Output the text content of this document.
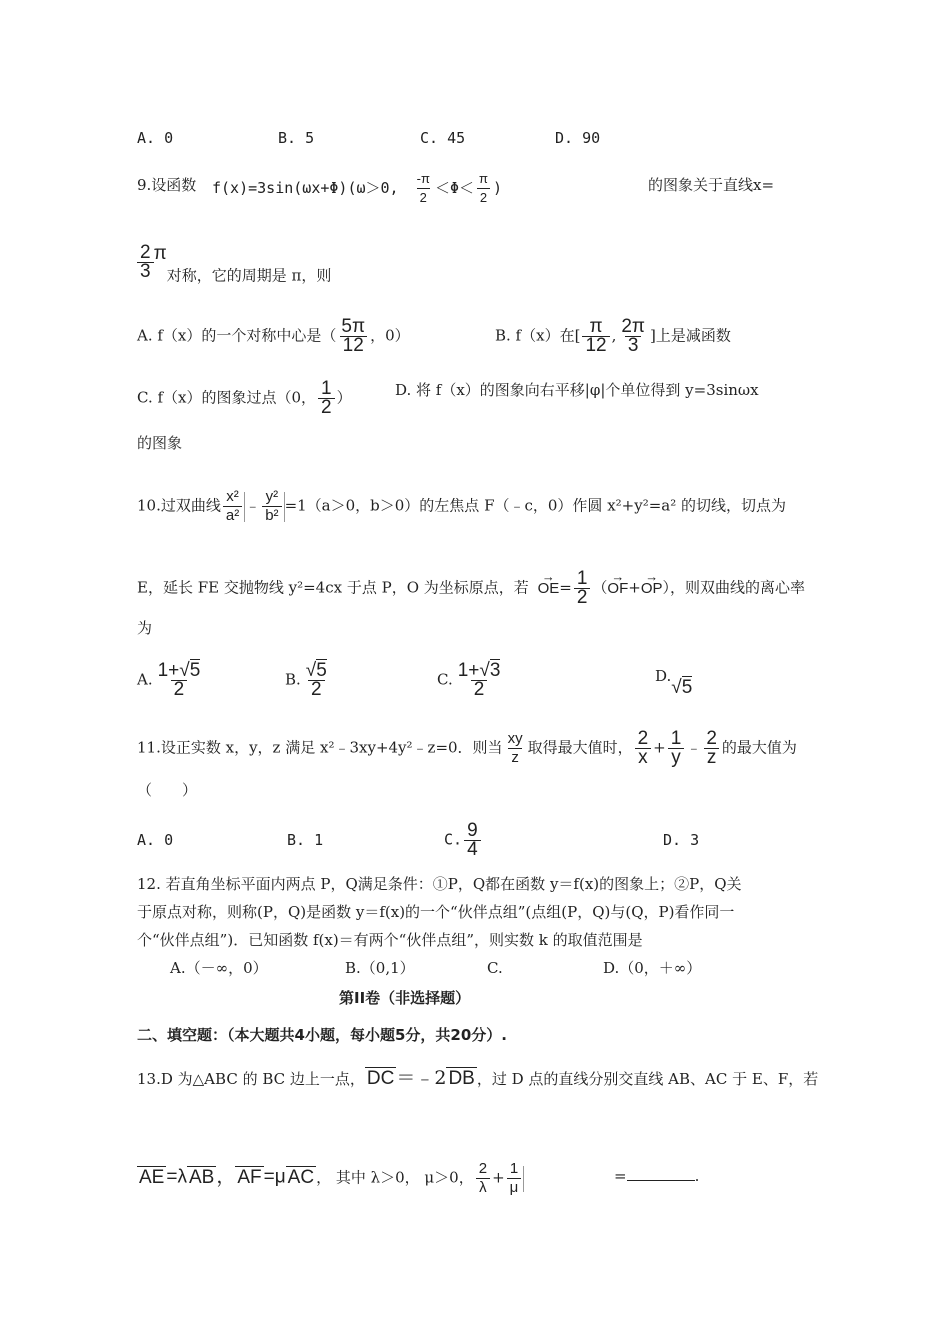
A. 0	B. 5	C. 45	D. 90
9.设函数 f(x)=3sin(ωx+Φ)(ω＞0, $\frac{-\pi}{2} <\Phi< \frac{\pi}{2}$ )	的图象关于直线x=
$\frac{2}{3}$ π对称，它的周期是 π，则
A. f（x）的一个对称中心是（ $\frac{5\pi}{12}$ ，0）	B. f（x）在[ $\frac{\pi}{12}$ , $\frac{2\pi}{3}$ ]上是减函数
C. f（x）的图象过点（0， $\frac{1}{2}$ ）	D. 将 f（x）的图象向右平移|φ|个单位得到 y=3sinωx
的图象
10.过双曲线 $\frac{\text{x²}}{\text{a²}}$ ﹣ $\frac{\text{y²}}{\text{b²}} =1(a>0$，b＞0）的左焦点 F（﹣c，0）作圆 x²+y²=a² 的切线，切点为
E，延长 FE 交抛物线 y²=4cx 于点 P，O 为坐标原点，若 → $OE= \frac{1}{2}$ （→ OF+→ OP），则双曲线的离心率
为
A. $\frac{1+√5}{2}$	B. $\frac{√5}{2}$	C. $\frac{1+√3}{2}$	D.√5
11.设正实数 x，y，z 满足 x²﹣3xy+4y²﹣z=0．则当 $\frac{xy}{z}$ 取得最大值时， $\frac{2}{x} + \frac{1}{y}$ ﹣ $\frac{2}{z}$ 的最大值为
（　　）
A. 0	B. 1	C. $\frac{9}{4}$	D. 3
12. 若直角坐标平面内两点 P，Q满足条件：①P，Q都在函数 y＝f(x)的图象上；②P，Q关
于原点对称，则称(P，Q)是函数 y＝f(x)的一个“伙伴点组”(点组(P，Q)与(Q，P)看作同一
个“伙伴点组”)．已知函数 f(x)＝有两个“伙伴点组”，则实数 k 的取值范围是
A.（－∞，0）	B.（0,1）	C.	D.（0，＋∞）
第II卷（非选择题）
二、填空题：（本大题共4小题，每小题5分，共20分）.
13.D 为△ABC 的 BC 边上一点， DC ＝﹣2 DB ，过 D 点的直线分别交直线 AB、AC 于 E、F，若
AE =λ AB ， AF =μ AC ， 其中 λ＞0， μ＞0， $\frac{2}{\lambda} + \frac{1}{\mu}$	=	.
